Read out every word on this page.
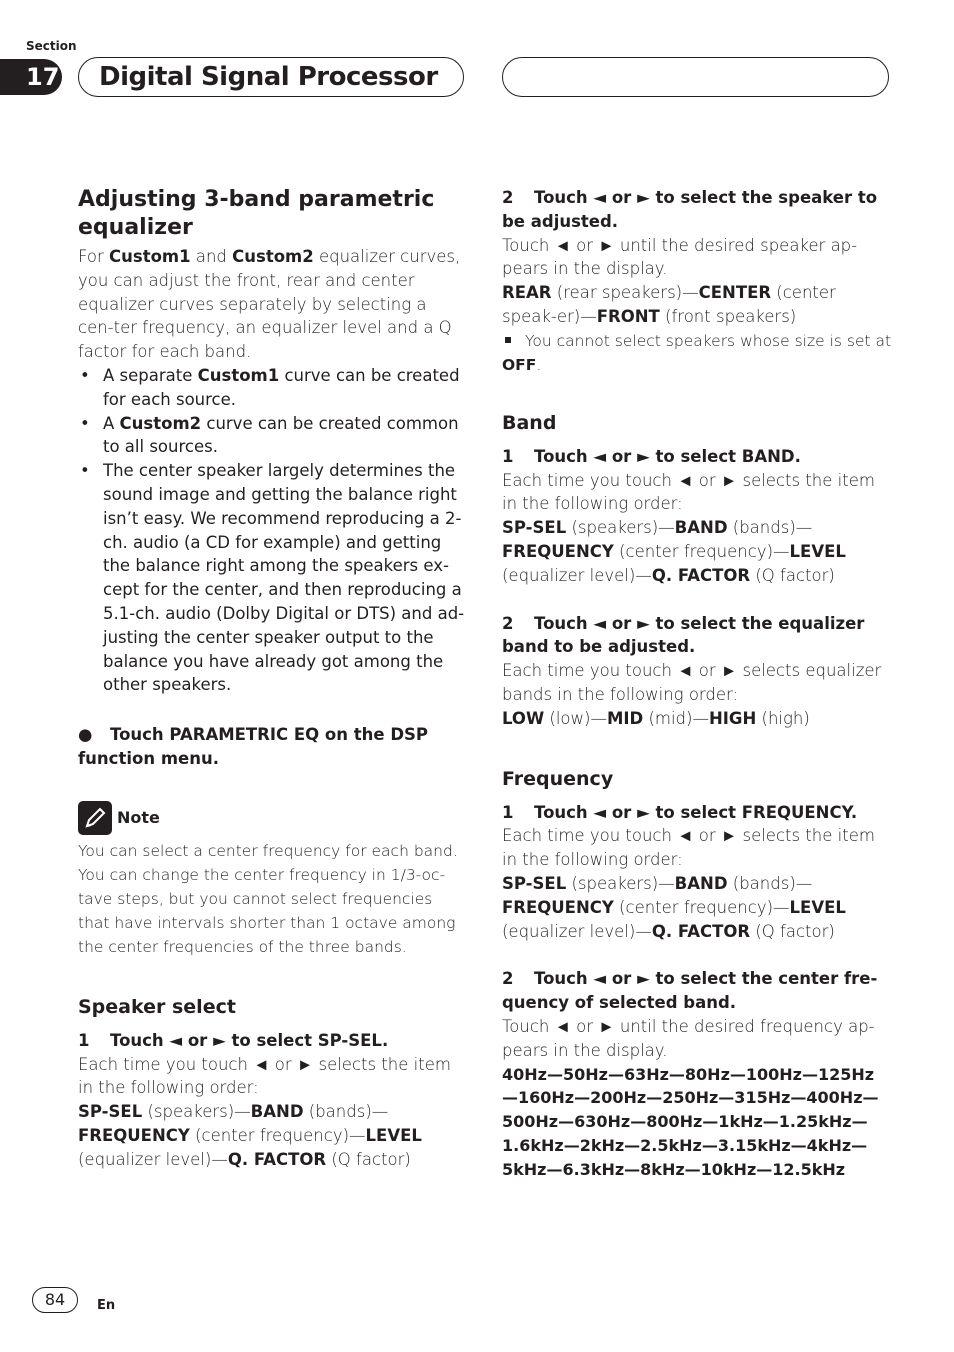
Section
17 Digital Signal Processor
Adjusting 3-band parametric equalizer

For Custom1 and Custom2 equalizer curves, you can adjust the front, rear and center equalizer curves separately by selecting a cen-ter frequency, an equalizer level and a Q factor for each band.

• A separate Custom1 curve can be created for each source.
• A Custom2 curve can be created common to all sources.
• The center speaker largely determines the sound image and getting the balance right isn’t easy. We recommend reproducing a 2-ch. audio (a CD for example) and getting the balance right among the speakers ex-cept for the center, and then reproducing a 5.1-ch. audio (Dolby Digital or DTS) and ad-justing the center speaker output to the balance you have already got among the other speakers.

● Touch PARAMETRIC EQ on the DSP function menu.

Note

You can select a center frequency for each band. You can change the center frequency in 1/3-oc-tave steps, but you cannot select frequencies that have intervals shorter than 1 octave among the center frequencies of the three bands.

Speaker select

1 Touch ◄ or ► to select SP-SEL.

Each time you touch ◄ or ► selects the item in the following order:

SP-SEL (speakers)—BAND (bands)—
FREQUENCY (center frequency)—LEVEL
(equalizer level)—Q. FACTOR (Q factor)

2 Touch ◄ or ► to select the speaker to be adjusted.

Touch ◄ or ► until the desired speaker ap-pears in the display.

REAR (rear speakers)—CENTER (center speak-er)—FRONT (front speakers)

You cannot select speakers whose size is set at OFF.

Band

1 Touch ◄ or ► to select BAND.

Each time you touch ◄ or ► selects the item in the following order:

SP-SEL (speakers)—BAND (bands)—
FREQUENCY (center frequency)—LEVEL
(equalizer level)—Q. FACTOR (Q factor)

2 Touch ◄ or ► to select the equalizer band to be adjusted.

Each time you touch ◄ or ► selects equalizer bands in the following order:

LOW (low)—MID (mid)—HIGH (high)

Frequency

1 Touch ◄ or ► to select FREQUENCY.

Each time you touch ◄ or ► selects the item in the following order:

SP-SEL (speakers)—BAND (bands)—
FREQUENCY (center frequency)—LEVEL
(equalizer level)—Q. FACTOR (Q factor)

2 Touch ◄ or ► to select the center fre-quency of selected band.

Touch ◄ or ► until the desired frequency ap-pears in the display.

40Hz—50Hz—63Hz—80Hz—100Hz—125Hz
—160Hz—200Hz—250Hz—315Hz—400Hz—
500Hz—630Hz—800Hz—1kHz—1.25kHz—
1.6kHz—2kHz—2.5kHz—3.15kHz—4kHz—
5kHz—6.3kHz—8kHz—10kHz—12.5kHz
84	En
